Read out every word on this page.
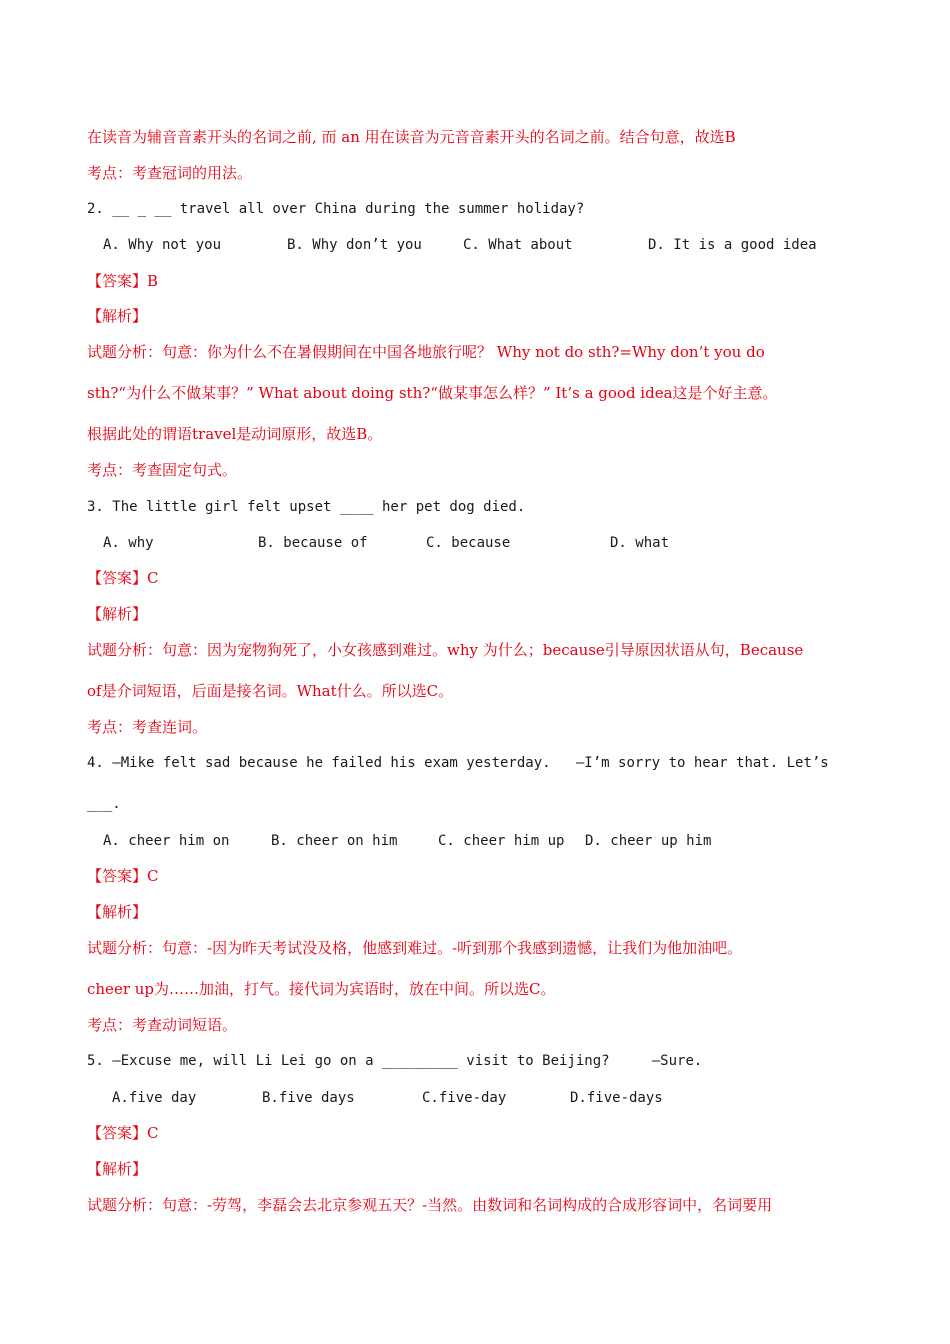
在读音为辅音音素开头的名词之前, 而 an 用在读音为元音音素开头的名词之前。结合句意，故选B

考点：考查冠词的用法。

2. __ _ __ travel all over China during the summer holiday?

A. Why not you	B. Why don’t you	C. What about	D. It is a good idea

【答案】B

【解析】

试题分析：句意：你为什么不在暑假期间在中国各地旅行呢？ Why not do sth?=Why don’t you do

sth?“为什么不做某事？” What about doing sth?“做某事怎么样？” It’s a good idea这是个好主意。

根据此处的谓语travel是动词原形，故选B。

考点：考查固定句式。

3. The little girl felt upset ____ her pet dog died.

A. why	B. because of	C. because	D. what

【答案】C

【解析】

试题分析：句意：因为宠物狗死了，小女孩感到难过。why 为什么；because引导原因状语从句，Because

of是介词短语，后面是接名词。What什么。所以选C。

考点：考查连词。

4. —Mike felt sad because he failed his exam yesterday.   —I’m sorry to hear that. Let’s

___.

A. cheer him on	B. cheer on him	C. cheer him up D. cheer up him

【答案】C

【解析】

试题分析：句意：-因为昨天考试没及格，他感到难过。-听到那个我感到遗憾，让我们为他加油吧。

cheer up为……加油，打气。接代词为宾语时，放在中间。所以选C。

考点：考查动词短语。

5. —Excuse me, will Li Lei go on a _________ visit to Beijing?     —Sure.

A.five day	B.five days	C.five-day	D.five-days

【答案】C

【解析】

试题分析：句意：-劳驾，李磊会去北京参观五天？-当然。由数词和名词构成的合成形容词中，名词要用
